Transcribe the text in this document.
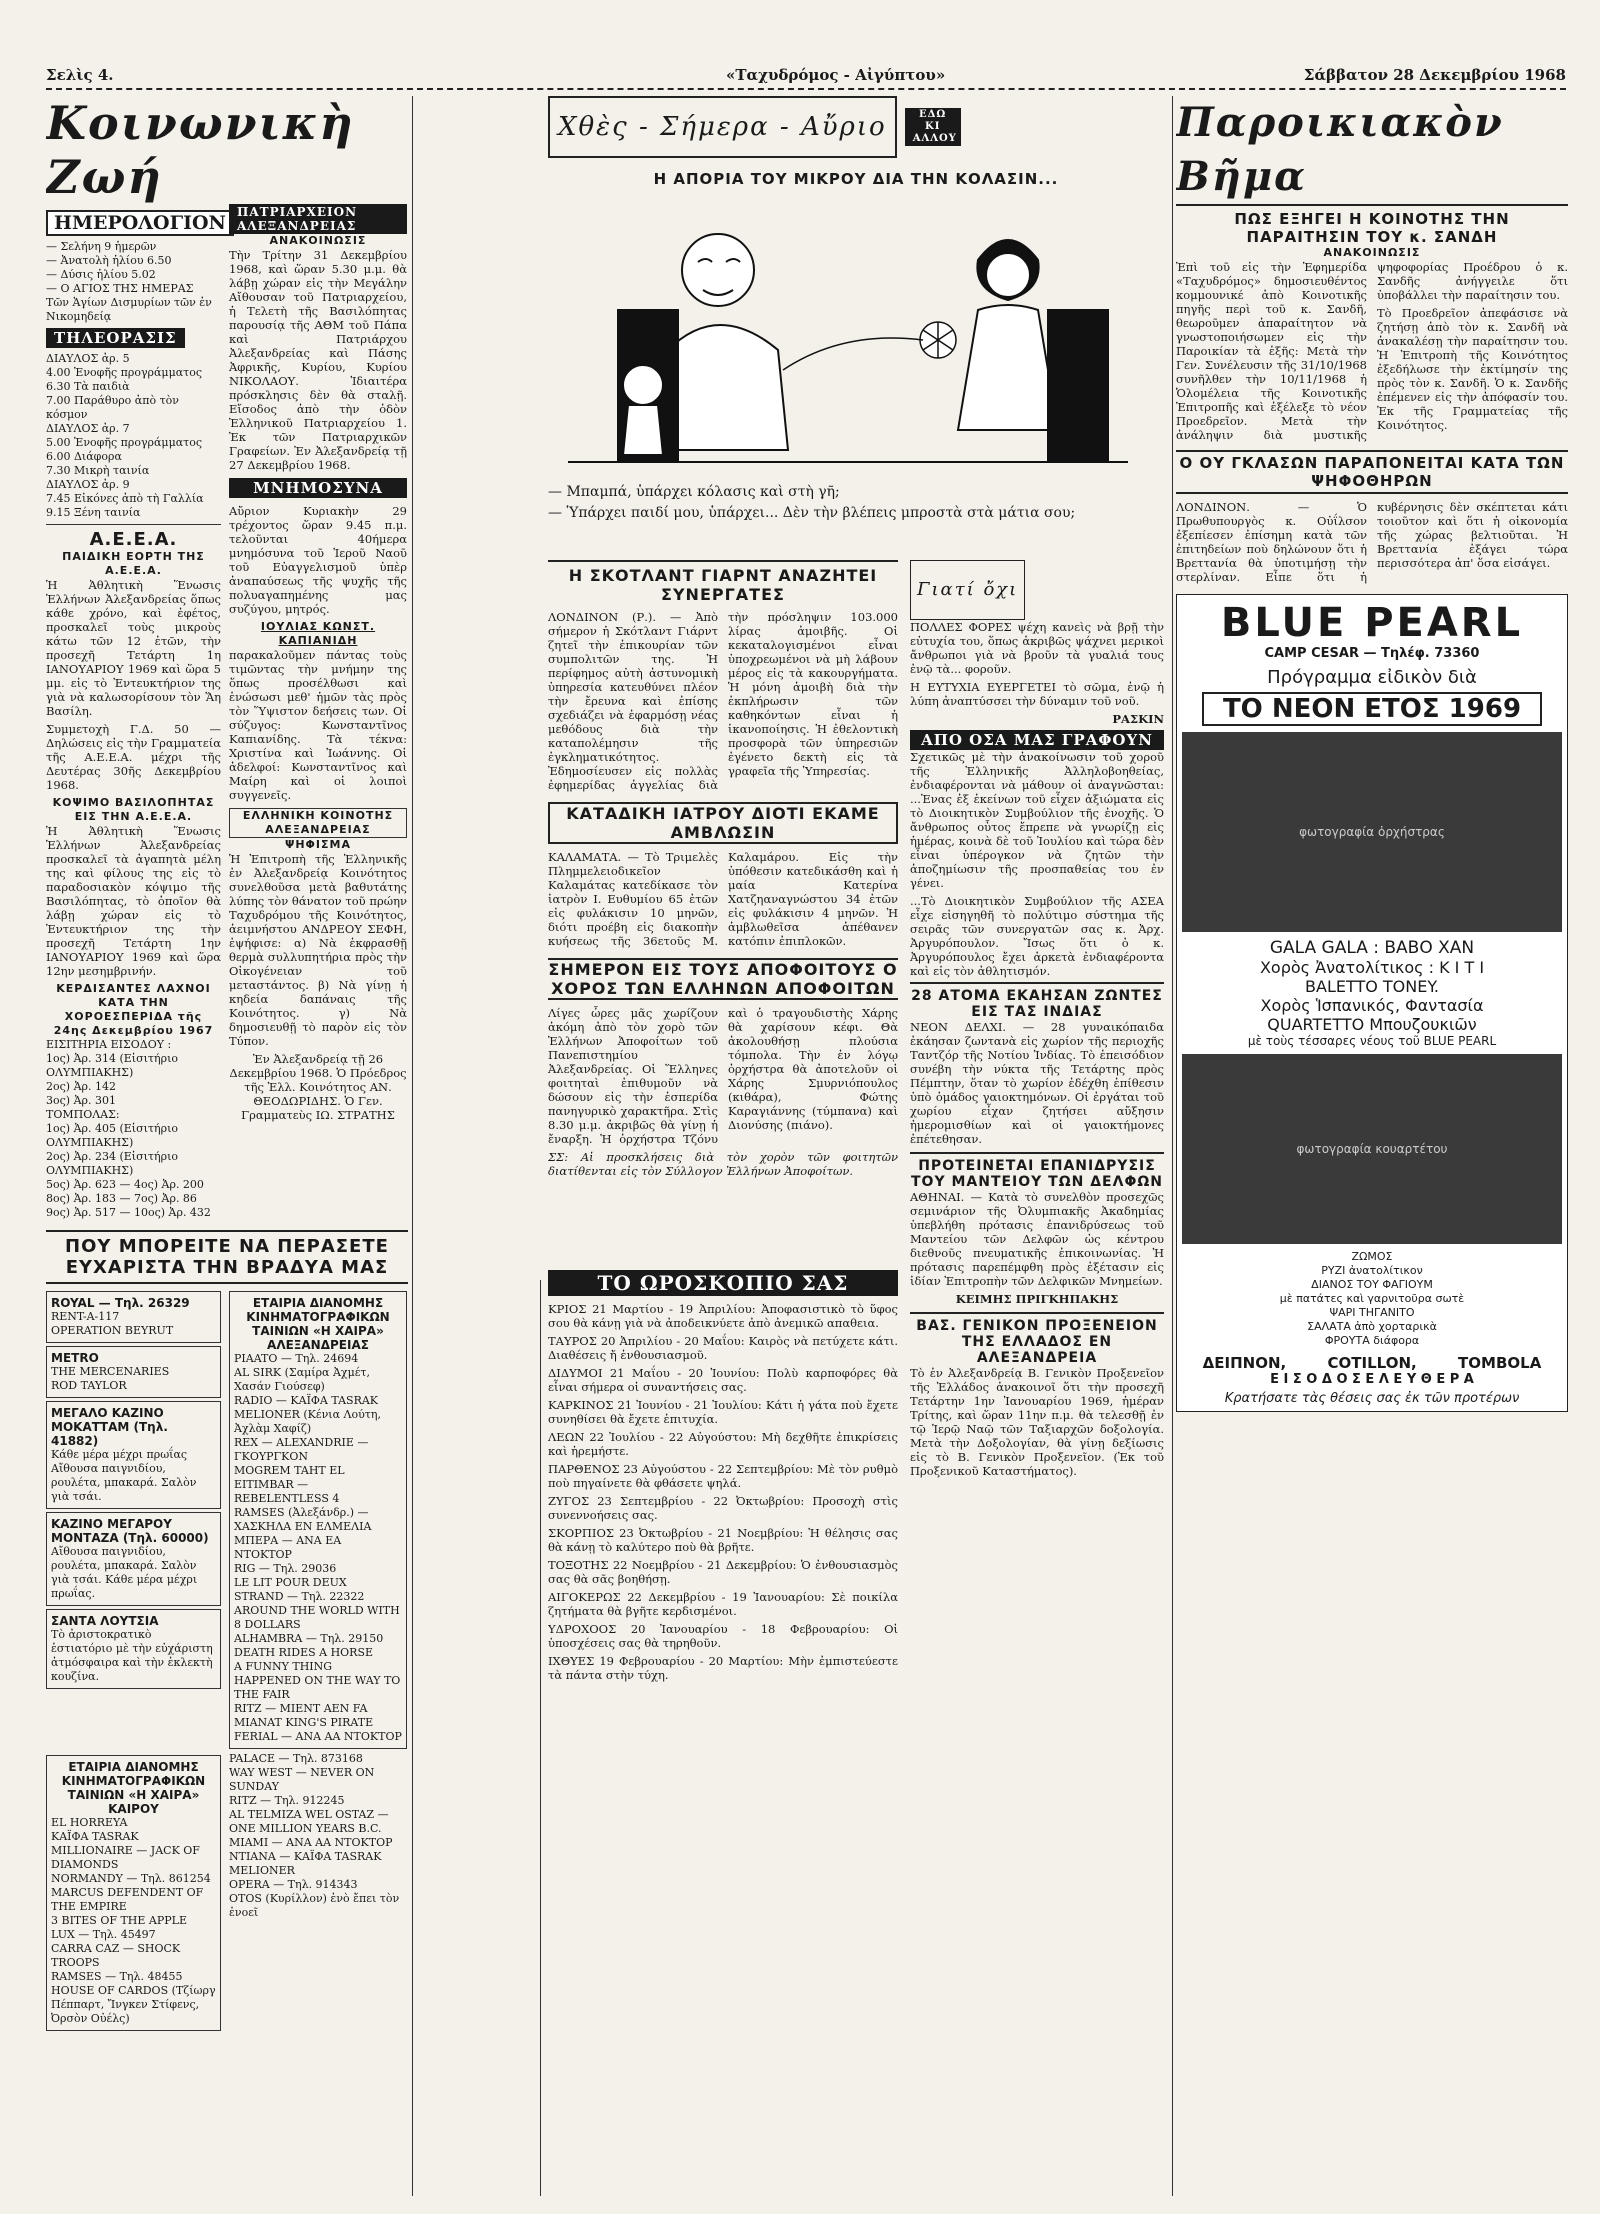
Σελὶς 4.	«Ταχυδρόμος - Αἰγύπτου»	Σάββατον 28 Δεκεμβρίου 1968
Κοινωνικὴ Ζωή
ΗΜΕΡΟΛΟΓΙΟΝ
— Σελήνη 9 ἡμερῶν
— Ἀνατολὴ ἡλίου 6.50
— Δύσις ἡλίου 5.02
— Ο ΑΓΙΟΣ ΤΗΣ ΗΜΕΡΑΣ
Τῶν Ἁγίων Δισμυρίων τῶν ἐν Νικομηδείᾳ
ΤΗΛΕΟΡΑΣΙΣ
ΔΙΑΥΛΟΣ ἀρ. 5
4.00 Ἐνοφῆς προγράμματος
6.30 Τὰ παιδιὰ
7.00 Παράθυρο ἀπὸ τὸν κόσμον
ΔΙΑΥΛΟΣ ἀρ. 7
5.00 Ἐνοφῆς προγράμματος
6.00 Διάφορα
7.30 Μικρὴ ταινία
ΔΙΑΥΛΟΣ ἀρ. 9
7.45 Εἰκόνες ἀπὸ τὴ Γαλλία
9.15 Ξένη ταινία
Α.Ε.Ε.Α.
ΠΑΙΔΙΚΗ ΕΟΡΤΗ ΤΗΣ Α.Ε.Ε.Α.

Ἡ Ἀθλητικὴ Ἕνωσις Ἑλλήνων Ἀλεξανδρείας ὅπως κάθε χρόνο, καὶ ἐφέτος, προσκαλεῖ τοὺς μικροὺς κάτω τῶν 12 ἐτῶν, τὴν προσεχῆ Τετάρτη 1η ΙΑΝΟΥΑΡΙΟΥ 1969 καὶ ὥρα 5 μμ. εἰς τὸ Ἐντευκτήριον της γιὰ νὰ καλωσορίσουν τὸν Ἅη Βασίλη.

Συμμετοχὴ Γ.Δ. 50 — Δηλώσεις εἰς τὴν Γραμματεία τῆς Α.Ε.Ε.Α. μέχρι τῆς Δευτέρας 30ῆς Δεκεμβρίου 1968.

ΚΟΨΙΜΟ ΒΑΣΙΛΟΠΗΤΑΣ ΕΙΣ ΤΗΝ Α.Ε.Ε.Α.

Ἡ Ἀθλητικὴ Ἕνωσις Ἑλλήνων Ἀλεξανδρείας προσκαλεῖ τὰ ἀγαπητὰ μέλη της καὶ φίλους της εἰς τὸ παραδοσιακὸν κόψιμο τῆς Βασιλόπητας, τὸ ὁποῖον θὰ λάβῃ χώραν εἰς τὸ Ἐντευκτήριον της τὴν προσεχῆ Τετάρτη 1ην ΙΑΝΟΥΑΡΙΟΥ 1969 καὶ ὥρα 12ην μεσημβρινήν.

ΚΕΡΔΙΣΑΝΤΕΣ ΛΑΧΝΟΙ ΚΑΤΑ ΤΗΝ ΧΟΡΟΕΣΠΕΡΙΔΑ τῆς 24ης Δεκεμβρίου 1967
ΕΙΣΙΤΗΡΙΑ ΕΙΣΟΔΟΥ :
1ος) Ἀρ. 314 (Εἰσιτήριο ΟΛΥΜΠΙΑΚΗΣ)
2ος) Ἀρ. 142
3ος) Ἀρ. 301
ΤΟΜΠΟΛΑΣ:
1ος) Ἀρ. 405 (Εἰσιτήριο ΟΛΥΜΠΙΑΚΗΣ)
2ος) Ἀρ. 234 (Εἰσιτήριο ΟΛΥΜΠΙΑΚΗΣ)
5ος) Ἀρ. 623 — 4ος) Ἀρ. 200
8ος) Ἀρ. 183 — 7ος) Ἀρ. 86
9ος) Ἀρ. 517 — 10ος) Ἀρ. 432
ΠΑΤΡΙΑΡΧΕΙΟΝ ΑΛΕΞΑΝΔΡΕΙΑΣ
ΑΝΑΚΟΙΝΩΣΙΣ

Τὴν Τρίτην 31 Δεκεμβρίου 1968, καὶ ὥραν 5.30 μ.μ. θὰ λάβῃ χώραν εἰς τὴν Μεγάλην Αἴθουσαν τοῦ Πατριαρχείου, ἡ Τελετὴ τῆς Βασιλόπητας παρουσίᾳ τῆς ΑΘΜ τοῦ Πάπα καὶ Πατριάρχου Ἀλεξανδρείας καὶ Πάσης Ἀφρικῆς, Κυρίου, Κυρίου ΝΙΚΟΛΑΟΥ. Ἰδιαιτέρα πρόσκλησις δὲν θὰ σταλῇ. Εἴσοδος ἀπὸ τὴν ὁδὸν Ἑλληνικοῦ Πατριαρχείου 1. Ἐκ τῶν Πατριαρχικῶν Γραφείων. Ἐν Ἀλεξανδρείᾳ τῇ 27 Δεκεμβρίου 1968.

ΜΝΗΜΟΣΥΝΑ

Αὔριον Κυριακὴν 29 τρέχοντος ὥραν 9.45 π.μ. τελοῦνται 40ήμερα μνημόσυνα τοῦ Ἱεροῦ Ναοῦ τοῦ Εὐαγγελισμοῦ ὑπὲρ ἀναπαύσεως τῆς ψυχῆς τῆς πολυαγαπημένης μας συζύγου, μητρός.

ΙΟΥΛΙΑΣ ΚΩΝΣΤ. ΚΑΠΙΑΝΙΔΗ

παρακαλοῦμεν πάντας τοὺς τιμῶντας τὴν μνήμην της ὅπως προσέλθωσι καὶ ἑνώσωσι μεθ' ἡμῶν τὰς πρὸς τὸν Ὕψιστον δεήσεις των. Οἱ σύζυγος: Κωνσταντῖνος Καπιανίδης. Τὰ τέκνα: Χριστίνα καὶ Ἰωάννης. Οἱ ἀδελφοί: Κωνσταντῖνος καὶ Μαίρη καὶ οἱ λοιποὶ συγγενεῖς.

ΕΛΛΗΝΙΚΗ ΚΟΙΝΟΤΗΣ ΑΛΕΞΑΝΔΡΕΙΑΣ
ΨΗΦΙΣΜΑ

Ἡ Ἐπιτροπὴ τῆς Ἑλληνικῆς ἐν Ἀλεξανδρείᾳ Κοινότητος συνελθοῦσα μετὰ βαθυτάτης λύπης τὸν θάνατον τοῦ πρώην Ταχυδρόμου τῆς Κοινότητος, ἀειμνήστου ΑΝΔΡΕΟΥ ΣΕΦΗ, ἐψήφισε: α) Νὰ ἐκφρασθῇ θερμὰ συλλυπητήρια πρὸς τὴν Οἰκογένειαν τοῦ μεταστάντος. β) Νὰ γίνῃ ἡ κηδεία δαπάναις τῆς Κοινότητος. γ) Νὰ δημοσιευθῇ τὸ παρὸν εἰς τὸν Τύπον.

Ἐν Ἀλεξανδρείᾳ τῇ 26 Δεκεμβρίου 1968. Ὁ Πρόεδρος τῆς Ἑλλ. Κοινότητος ΑΝ. ΘΕΟΔΩΡΙΔΗΣ. Ὁ Γεν. Γραμματεὺς ΙΩ. ΣΤΡΑΤΗΣ

ΠΟΥ ΜΠΟΡΕΙΤΕ ΝΑ ΠΕΡΑΣΕΤΕ ΕΥΧΑΡΙΣΤΑ ΤΗΝ ΒΡΑΔΥΑ ΜΑΣ
ROYAL — Τηλ. 26329
RENT-A-117
OPERATION BEYRUT
METRO
THE MERCENARIES
ROD TAYLOR
ΜΕΓΑΛΟ ΚΑΖΙΝΟ ΜΟΚΑΤΤΑΜ (Τηλ. 41882)
Κάθε μέρα μέχρι πρωΐας
Αἴθουσα παιγνιδίου, ρουλέτα, μπακαρά. Σαλὸν γιὰ τσάι.
ΚΑΖΙΝΟ ΜΕΓΑΡΟΥ ΜΟΝΤΑΖΑ (Τηλ. 60000)
Αἴθουσα παιγνιδίου, ρουλέτα, μπακαρά. Σαλὸν γιὰ τσάι. Κάθε μέρα μέχρι πρωΐας.
ΣΑΝΤΑ ΛΟΥΤΣΙΑ
Τὸ ἀριστοκρατικὸ ἑστιατόριο μὲ τὴν εὐχάριστη ἀτμόσφαιρα καὶ τὴν ἐκλεκτὴ κουζίνα.
ΕΤΑΙΡΙΑ ΔΙΑΝΟΜΗΣ ΚΙΝΗΜΑΤΟΓΡΑΦΙΚΩΝ ΤΑΙΝΙΩΝ «Η ΧΑΙΡΑ» ΑΛΕΞΑΝΔΡΕΙΑΣ
PIAATO — Τηλ. 24694
AL SIRK (Σαμίρα Ἀχμέτ, Χασάν Γιούσεφ)
RADIO — ΚΑΪΦΑ TASRAK MELIONER (Κένια Λούτη, Ἀχλὰμ Χαφίζ)
REX — ALEXANDRIE — ΓΚΟΥΡΓΚΟΝ
MOGREM TAHT EL EITIMBAR — REBELENTLESS 4
RAMSES (Ἀλεξάνδρ.) — ΧΑΣΚΗΛΑ ΕΝ ΕΛΜΕΛΙΑ ΜΠΕΡΑ — ANA EA NTOKTOP
RIG — Τηλ. 29036
LE LIT POUR DEUX
STRAND — Τηλ. 22322
AROUND THE WORLD WITH 8 DOLLARS
ALHAMBRA — Τηλ. 29150
DEATH RIDES A HORSE
A FUNNY THING HAPPENED ON THE WAY TO THE FAIR
RITZ — MIENT AEN FA MIANAT KING'S PIRATE
FERIAL — ANA AA NTOKTOP
ΕΤΑΙΡΙΑ ΔΙΑΝΟΜΗΣ ΚΙΝΗΜΑΤΟΓΡΑΦΙΚΩΝ ΤΑΙΝΙΩΝ «Η ΧΑΙΡΑ» ΚΑΙΡΟΥ
EL HORREYA
ΚΑΪΦΑ TASRAK MILLIONAIRE — JACK OF DIAMONDS
NORMANDY — Τηλ. 861254
MARCUS DEFENDENT OF THE EMPIRE
3 BITES OF THE APPLE
LUX — Τηλ. 45497
CARRA CAZ — SHOCK TROOPS
RAMSES — Τηλ. 48455
HOUSE OF CARDOS (Τζίωργ Πέππαρτ, Ἴνγκεν Στίφενς, Ὀρσὸν Οὐέλς)
PALACE — Τηλ. 873168
WAY WEST — NEVER ON SUNDAY
RITZ — Τηλ. 912245
AL TELMIZA WEL OSTAZ — ONE MILLION YEARS B.C.
MIAMI — ANA AA NTOKTOP
NTIANA — ΚΑΪΦΑ TASRAK MELIONER
OPERA — Τηλ. 914343
OTOS (Κυρίλλον) ἐνὸ ἔπει τὸν ἐνοεῖ
Χθὲς - Σήμερα - Αὔριο	ΕΔΩ ΚΙ ΑΛΛΟΥ
Η ΑΠΟΡΙΑ ΤΟΥ ΜΙΚΡΟΥ ΔΙΑ ΤΗΝ ΚΟΛΑΣΙΝ...

— Μπαμπά, ὑπάρχει κόλασις καὶ στὴ γῆ;

— Ὑπάρχει παιδί μου, ὑπάρχει... Δὲν τὴν βλέπεις μπροστὰ στὰ μάτια σου;

Η ΣΚΟΤΛΑΝΤ ΓΙΑΡΝΤ ΑΝΑΖΗΤΕΙ ΣΥΝΕΡΓΑΤΕΣ

ΛΟΝΔΙΝΟΝ (Ρ.). — Ἀπὸ σήμερον ἡ Σκότλαντ Γιάρντ ζητεῖ τὴν ἐπικουρίαν τῶν συμπολιτῶν της. Ἡ περίφημος αὐτὴ ἀστυνομικὴ ὑπηρεσία κατευθύνει πλέον τὴν ἔρευνα καὶ ἐπίσης σχεδιάζει νὰ ἐφαρμόσῃ νέας μεθόδους διὰ τὴν καταπολέμησιν τῆς ἐγκληματικότητος. Ἐδημοσίευσεν εἰς πολλὰς ἐφημερίδας ἀγγελίας διὰ τὴν πρόσληψιν 103.000 λίρας ἀμοιβῆς. Οἱ κεκαταλογισμένοι εἶναι ὑποχρεωμένοι νὰ μὴ λάβουν μέρος εἰς τὰ κακουργήματα. Ἡ μόνη ἀμοιβὴ διὰ τὴν ἐκπλήρωσιν τῶν καθηκόντων εἶναι ἡ ἱκανοποίησις. Ἡ ἐθελοντικὴ προσφορὰ τῶν ὑπηρεσιῶν ἐγένετο δεκτὴ εἰς τὰ γραφεῖα τῆς Ὑπηρεσίας.

ΚΑΤΑΔΙΚΗ ΙΑΤΡΟΥ ΔΙΟΤΙ ΕΚΑΜΕ ΑΜΒΛΩΣΙΝ

ΚΑΛΑΜΑΤΑ. — Τὸ Τριμελὲς Πλημμελειοδικεῖον Καλαμάτας κατεδίκασε τὸν ἰατρὸν Ι. Ευθυμίου 65 ἐτῶν εἰς φυλάκισιν 10 μηνῶν, διότι προέβη εἰς διακοπὴν κυήσεως τῆς 36ετοῦς Μ. Καλαμάρου. Εἰς τὴν ὑπόθεσιν κατεδικάσθη καὶ ἡ μαία Κατερίνα Χατζηαναγνώστου 34 ἐτῶν εἰς φυλάκισιν 4 μηνῶν. Ἡ ἀμβλωθεῖσα ἀπέθανεν κατόπιν ἐπιπλοκῶν.

ΣΗΜΕΡΟΝ ΕΙΣ ΤΟΥΣ ΑΠΟΦΟΙΤΟΥΣ Ο ΧΟΡΟΣ ΤΩΝ ΕΛΛΗΝΩΝ ΑΠΟΦΟΙΤΩΝ

Λίγες ὧρες μᾶς χωρίζουν ἀκόμη ἀπὸ τὸν χορὸ τῶν Ἑλλήνων Ἀποφοίτων τοῦ Πανεπιστημίου Ἀλεξανδρείας. Οἱ Ἕλληνες φοιτηταὶ ἐπιθυμοῦν νὰ δώσουν εἰς τὴν ἑσπερίδα πανηγυρικὸ χαρακτῆρα. Στὶς 8.30 μ.μ. ἀκριβῶς θὰ γίνῃ ἡ ἔναρξη. Ἡ ὀρχήστρα Τζόνυ καὶ ὁ τραγουδιστὴς Χάρης θὰ χαρίσουν κέφι. Θὰ ἀκολουθήσῃ πλούσια τόμπολα. Τὴν ἐν λόγῳ ὀρχήστρα θὰ ἀποτελοῦν οἱ Χάρης Σμυρνιόπουλος (κιθάρα), Φώτης Καραγιάννης (τύμπανα) καὶ Διονύσης (πιάνο).

ΣΣ: Αἱ προσκλήσεις διὰ τὸν χορὸν τῶν φοιτητῶν διατίθενται εἰς τὸν Σύλλογον Ἑλλήνων Ἀποφοίτων.

Γιατί ὄχι

ΠΟΛΛΕΣ ΦΟΡΕΣ ψέχη κανεὶς νὰ βρῇ τὴν εὐτυχία του, ὅπως ἀκριβῶς ψάχνει μερικοὶ ἄνθρωποι γιὰ νὰ βροῦν τὰ γυαλιά τους ἐνῷ τὰ... φοροῦν.

Η ΕΥΤΥΧΙΑ ΕΥΕΡΓΕΤΕΙ τὸ σῶμα, ἐνῷ ἡ λύπη ἀναπτύσσει τὴν δύναμιν τοῦ νοῦ.

ΡΑΣΚΙΝ

ΑΠΟ ΟΣΑ ΜΑΣ ΓΡΑΦΟΥΝ

Σχετικῶς μὲ τὴν ἀνακοίνωσιν τοῦ χοροῦ τῆς Ἑλληνικῆς Ἀλληλοβοηθείας, ἐνδιαφέρονται νὰ μάθουν οἱ ἀναγνῶσται: ...Ἐνας ἐξ ἐκείνων τοῦ εἶχεν ἀξιώματα εἰς τὸ Διοικητικὸν Συμβούλιον τῆς ἐνοχῆς. Ὁ ἄνθρωπος οὗτος ἔπρεπε νὰ γνωρίζῃ εἰς ἡμέρας, κοινὰ δὲ τοῦ Ἰουλίου καὶ τώρα δὲν εἶναι ὑπέρογκον νὰ ζητῶν τὴν ἀποζημίωσιν τῆς προσπαθείας του ἐν γένει.

...Τὸ Διοικητικὸν Συμβούλιον τῆς ΑΣΕΑ εἶχε εἰσηγηθῆ τὸ πολύτιμο σύστημα τῆς σειρᾶς τῶν συνεργατῶν σας κ. Ἀρχ. Ἀργυρόπουλον. Ἴσως ὅτι ὁ κ. Ἀργυρόπουλος ἔχει ἀρκετὰ ἐνδιαφέροντα καὶ εἰς τὸν ἀθλητισμόν.

28 ΑΤΟΜΑ ΕΚΑΗΣΑΝ ΖΩΝΤΕΣ ΕΙΣ ΤΑΣ ΙΝΔΙΑΣ

ΝΕΟΝ ΔΕΛΧΙ. — 28 γυναικόπαιδα ἐκάησαν ζωντανὰ εἰς χωρίον τῆς περιοχῆς Ταντζόρ τῆς Νοτίου Ἰνδίας. Τὸ ἐπεισόδιον συνέβη τὴν νύκτα τῆς Τετάρτης πρὸς Πέμπτην, ὅταν τὸ χωρίον ἐδέχθη ἐπίθεσιν ὑπὸ ὁμάδος γαιοκτημόνων. Οἱ ἐργάται τοῦ χωρίου εἶχαν ζητήσει αὔξησιν ἡμερομισθίων καὶ οἱ γαιοκτήμονες ἐπέτεθησαν.

ΠΡΟΤΕΙΝΕΤΑΙ ΕΠΑΝΙΔΡΥΣΙΣ ΤΟΥ ΜΑΝΤΕΙΟΥ ΤΩΝ ΔΕΛΦΩΝ

ΑΘΗΝΑΙ. — Κατὰ τὸ συνελθὸν προσεχῶς σεμινάριον τῆς Ὀλυμπιακῆς Ἀκαδημίας ὑπεβλήθη πρότασις ἐπανιδρύσεως τοῦ Μαντείου τῶν Δελφῶν ὡς κέντρου διεθνοῦς πνευματικῆς ἐπικοινωνίας. Ἡ πρότασις παρεπέμφθη πρὸς ἐξέτασιν εἰς ἰδίαν Ἐπιτροπὴν τῶν Δελφικῶν Μνημείων.

ΚΕΙΜΗΣ ΠΡΙΓΚΗΠΑΚΗΣ

ΒΑΣ. ΓΕΝΙΚΟΝ ΠΡΟΞΕΝΕΙΟΝ ΤΗΣ ΕΛΛΑΔΟΣ ΕΝ ΑΛΕΞΑΝΔΡΕΙΑ

Τὸ ἐν Ἀλεξανδρείᾳ Β. Γενικὸν Προξενεῖον τῆς Ἑλλάδος ἀνακοινοῖ ὅτι τὴν προσεχῆ Τετάρτην 1ην Ἰανουαρίου 1969, ἡμέραν Τρίτης, καὶ ὥραν 11ην π.μ. θὰ τελεσθῇ ἐν τῷ Ἱερῷ Ναῷ τῶν Ταξιαρχῶν δοξολογία. Μετὰ τὴν Δοξολογίαν, θὰ γίνῃ δεξίωσις εἰς τὸ Β. Γενικὸν Προξενεῖον. (Ἐκ τοῦ Προξενικοῦ Καταστήματος).

ΤΟ ΩΡΟΣΚΟΠΙΟ ΣΑΣ
ΚΡΙΟΣ 21 Μαρτίου - 19 Ἀπριλίου: Ἀποφασιστικὸ τὸ ὕφος σου θὰ κάνῃ γιὰ νὰ ἀποδεικνύετε ἀπὸ ἀνεμικῶ απαθεια.
ΤΑΥΡΟΣ 20 Ἀπριλίου - 20 Μαΐου: Καιρὸς νὰ πετύχετε κάτι. Διαθέσεις ἤ ἐνθουσιασμοῦ.
ΔΙΔΥΜΟΙ 21 Μαΐου - 20 Ἰουνίου: Πολὺ καρποφόρες θὰ εἶναι σήμερα οἱ συναντήσεις σας.
ΚΑΡΚΙΝΟΣ 21 Ἰουνίου - 21 Ἰουλίου: Κάτι ἡ γάτα ποὺ ἔχετε συνηθίσει θὰ ἔχετε ἐπιτυχία.
ΛΕΩΝ 22 Ἰουλίου - 22 Αὐγούστου: Μὴ δεχθῆτε ἐπικρίσεις καὶ ἡρεμήστε.
ΠΑΡΘΕΝΟΣ 23 Αὐγούστου - 22 Σεπτεμβρίου: Μὲ τὸν ρυθμὸ ποὺ πηγαίνετε θὰ φθάσετε ψηλά.
ΖΥΓΟΣ 23 Σεπτεμβρίου - 22 Ὀκτωβρίου: Προσοχὴ στὶς συνεννοήσεις σας.
ΣΚΟΡΠΙΟΣ 23 Ὀκτωβρίου - 21 Νοεμβρίου: Ἡ θέλησις σας θὰ κάνῃ τὸ καλύτερο ποὺ θὰ βρῆτε.
ΤΟΞΟΤΗΣ 22 Νοεμβρίου - 21 Δεκεμβρίου: Ὁ ἐνθουσιασμὸς σας θὰ σᾶς βοηθήσῃ.
ΑΙΓΟΚΕΡΩΣ 22 Δεκεμβρίου - 19 Ἰανουαρίου: Σὲ ποικίλα ζητήματα θὰ βγῆτε κερδισμένοι.
ΥΔΡΟΧΟΟΣ 20 Ἰανουαρίου - 18 Φεβρουαρίου: Οἱ ὑποσχέσεις σας θὰ τηρηθοῦν.
ΙΧΘΥΕΣ 19 Φεβρουαρίου - 20 Μαρτίου: Μὴν ἐμπιστεύεστε τὰ πάντα στὴν τύχη.
Παροικιακὸν Βῆμα
ΠΩΣ ΕΞΗΓΕΙ Η ΚΟΙΝΟΤΗΣ ΤΗΝ ΠΑΡΑΙΤΗΣΙΝ ΤΟΥ κ. ΣΑΝΔΗ
ΑΝΑΚΟΙΝΩΣΙΣ

Ἐπὶ τοῦ εἰς τὴν Ἐφημερίδα «Ταχυδρόμος» δημοσιευθέντος κομμουνικέ ἀπὸ Κοινοτικῆς πηγῆς περὶ τοῦ κ. Σανδῆ, θεωροῦμεν ἀπαραίτητον νὰ γνωστοποιήσωμεν εἰς τὴν Παροικίαν τὰ ἑξῆς: Μετὰ τὴν Γεν. Συνέλευσιν τῆς 31/10/1968 συνῆλθεν τὴν 10/11/1968 ἡ Ὁλομέλεια τῆς Κοινοτικῆς Ἐπιτροπῆς καὶ ἐξέλεξε τὸ νέον Προεδρεῖον. Μετὰ τὴν ἀνάληψιν διὰ μυστικῆς ψηφοφορίας Προέδρου ὁ κ. Σανδῆς ἀνήγγειλε ὅτι ὑποβάλλει τὴν παραίτησιν του.

Τὸ Προεδρεῖον ἀπεφάσισε νὰ ζητήσῃ ἀπὸ τὸν κ. Σανδῆ νὰ ἀνακαλέσῃ τὴν παραίτησιν του. Ἡ Ἐπιτροπὴ τῆς Κοινότητος ἐξεδήλωσε τὴν ἐκτίμησίν της πρὸς τὸν κ. Σανδῆ. Ὁ κ. Σανδῆς ἐπέμενεν εἰς τὴν ἀπόφασίν του. Ἐκ τῆς Γραμματείας τῆς Κοινότητος.

Ο ΟΥ ΓΚΛΑΣΩΝ ΠΑΡΑΠΟΝΕΙΤΑΙ ΚΑΤΑ ΤΩΝ ΨΗΦΟΘΗΡΩΝ

ΛΟΝΔΙΝΟΝ. — Ὁ Πρωθυπουργὸς κ. Οὐΐλσον ἐξεπίεσεν ἐπίσημη κατὰ τῶν ἐπιτηδείων ποὺ δηλώνουν ὅτι ἡ Βρεττανία θὰ ὑποτιμήσῃ τὴν στερλίναν. Εἶπε ὅτι ἡ κυβέρνησις δὲν σκέπτεται κάτι τοιοῦτον καὶ ὅτι ἡ οἰκονομία τῆς χώρας βελτιοῦται. Ἡ Βρεττανία ἐξάγει τώρα περισσότερα ἀπ' ὅσα εἰσάγει.

BLUE PEARL
CAMP CESAR — Τηλέφ. 73360
Πρόγραμμα εἰδικὸν διὰ
ΤΟ ΝΕΟΝ ΕΤΟΣ 1969
φωτογραφία ὀρχήστρας
GALA GALA : ΒΑΒΟ ΧΑΝ
Χορὸς Ἀνατολίτικος : Κ Ι Τ Ι
BALETTO TONEY.
Χορὸς Ἱσπανικός, Φαντασία
QUARTETTO Μπουζουκιῶν
μὲ τοὺς τέσσαρες νέους τοῦ BLUE PEARL
φωτογραφία κουαρτέτου
ΖΩΜΟΣ
ΡΥΖΙ ἀνατολίτικον
ΔΙΑΝΟΣ ΤΟΥ ΦΑΓΙΟΥΜ
μὲ πατάτες καὶ γαρνιτοῦρα σωτὲ
ΨΑΡΙ ΤΗΓΑΝΙΤΟ
ΣΑΛΑΤΑ ἀπὸ χορταρικὰ
ΦΡΟΥΤΑ διάφορα
ΔΕΙΠΝΟΝ,	COTILLON,	TOMBOLA
Ε Ι Σ Ο Δ Ο Σ Ε Λ Ε Υ Θ Ε Ρ Α
Κρατήσατε τὰς θέσεις σας ἐκ τῶν προτέρων
